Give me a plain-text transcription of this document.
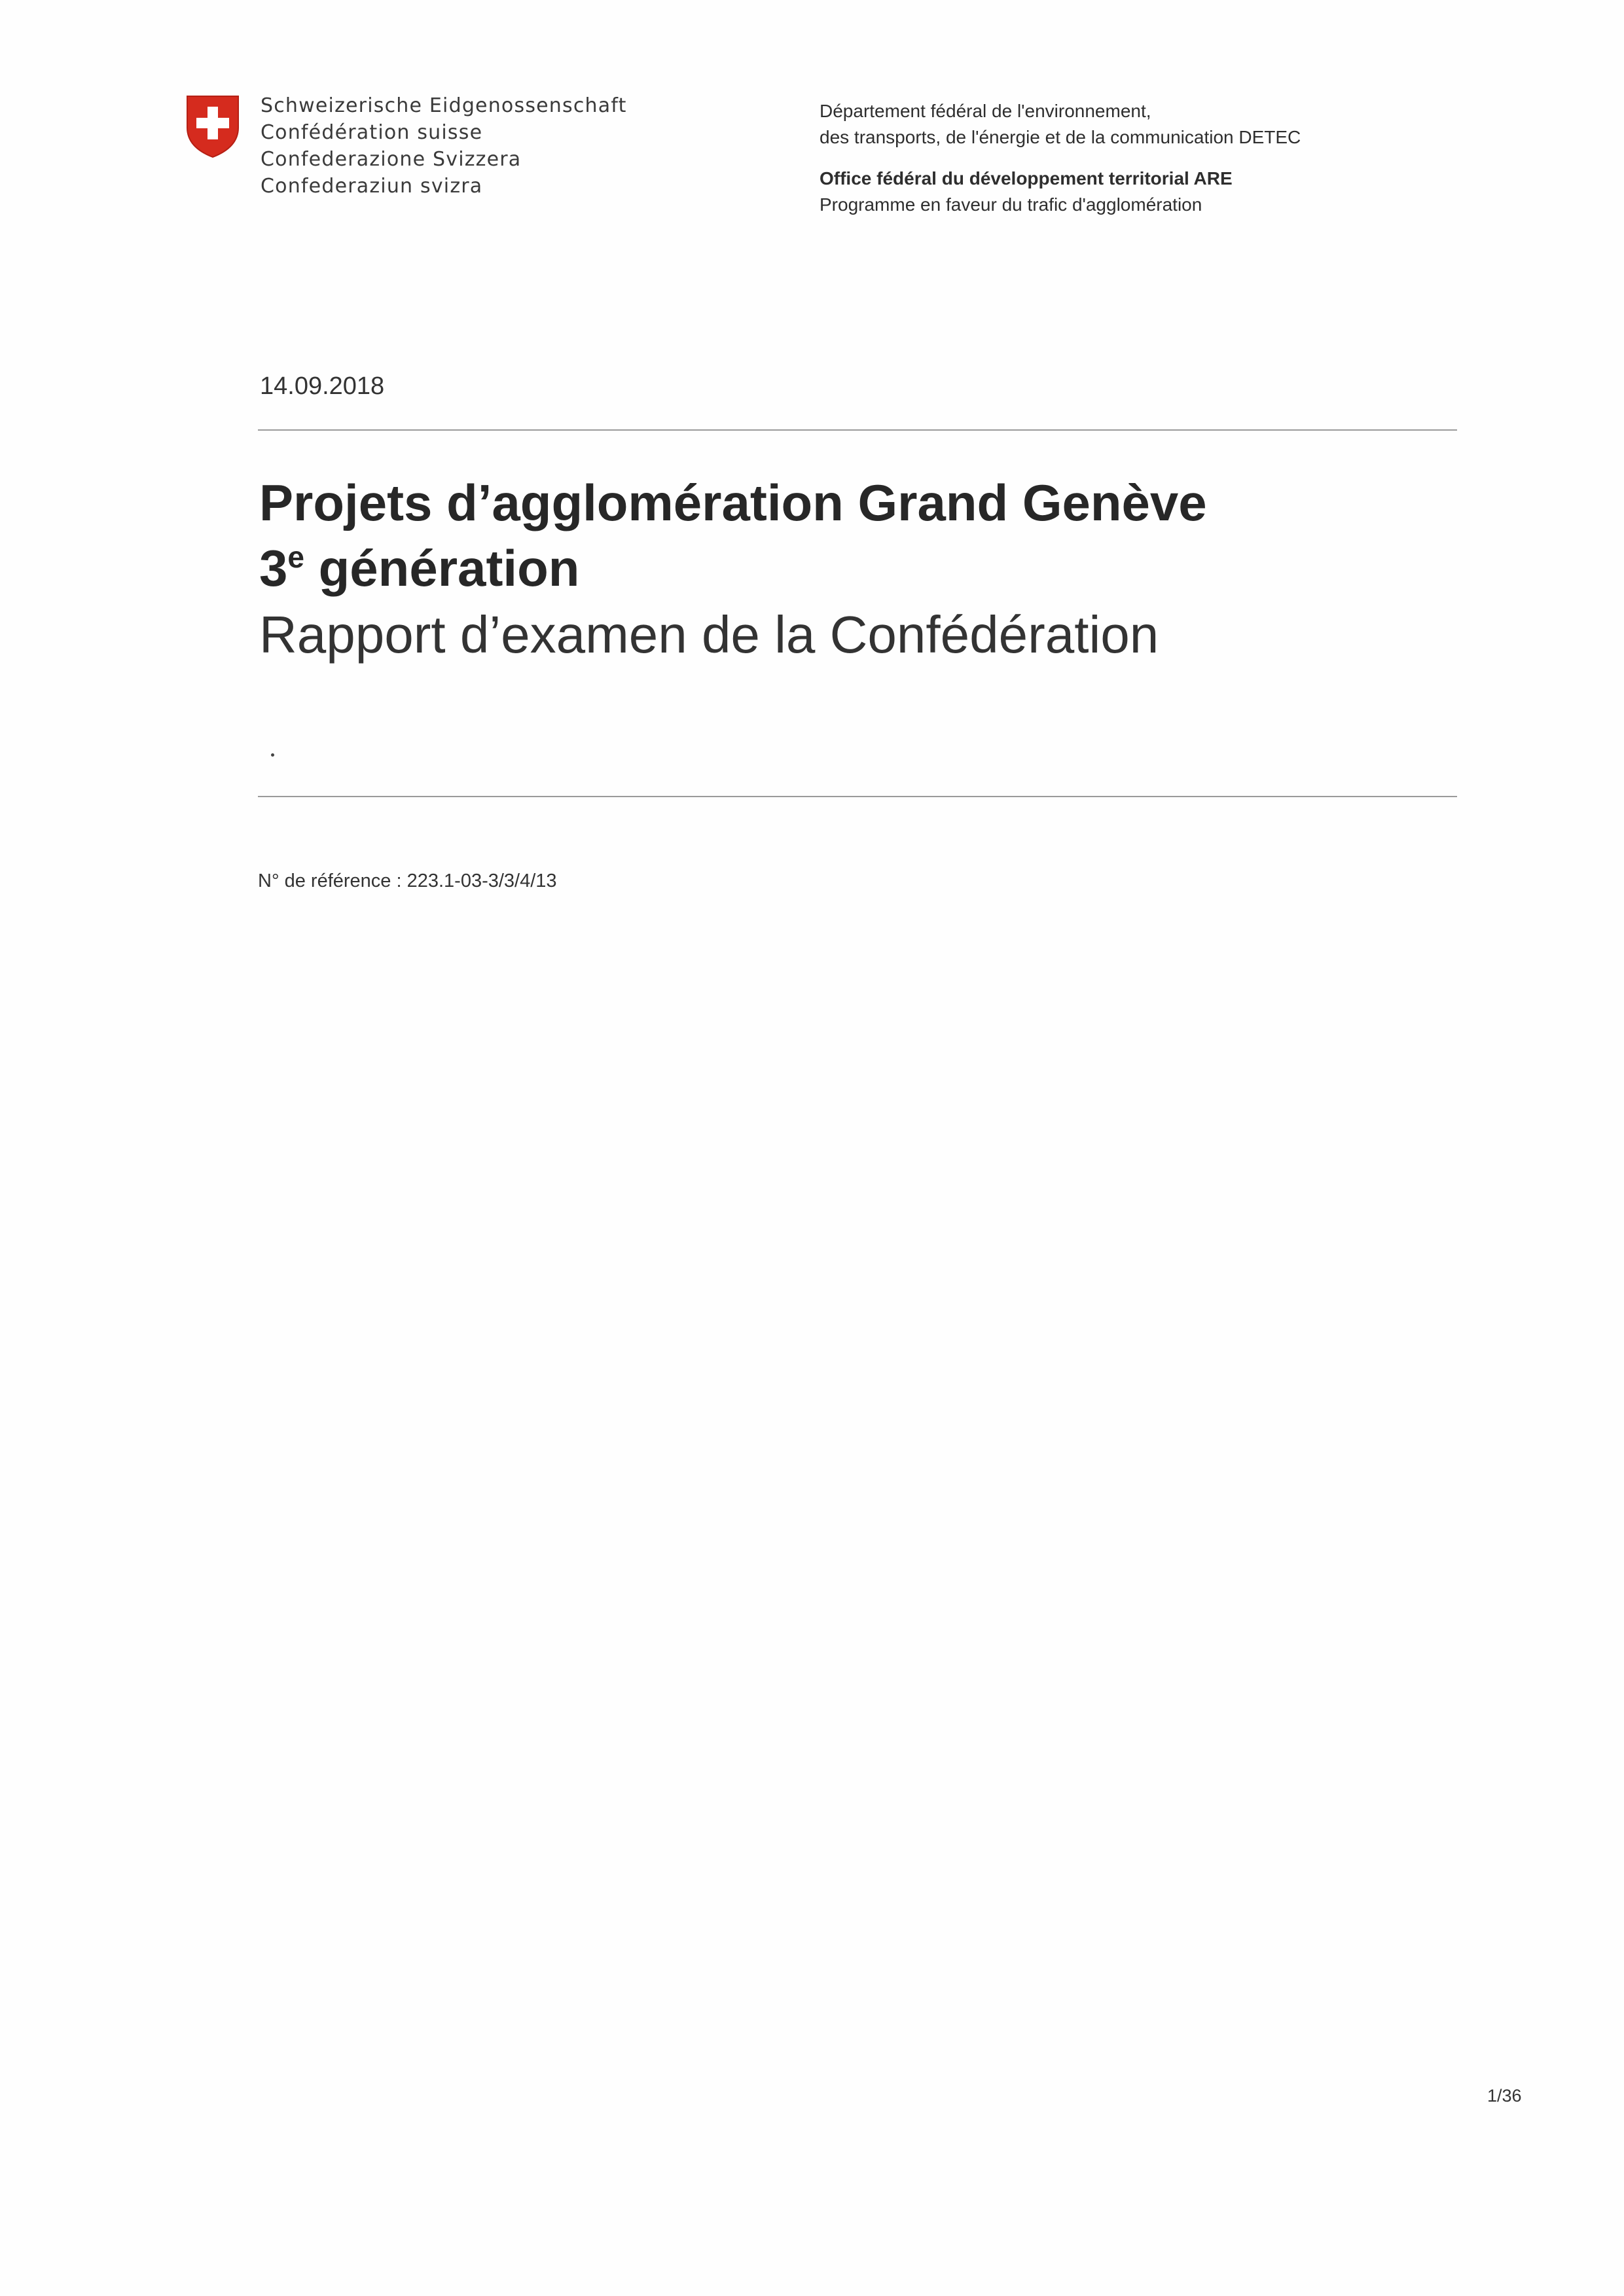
Schweizerische Eidgenossenschaft
Confédération suisse
Confederazione Svizzera
Confederaziun svizra
Département fédéral de l'environnement,
des transports, de l'énergie et de la communication DETEC
Office fédéral du développement territorial ARE
Programme en faveur du trafic d'agglomération
14.09.2018
Projets d’agglomération Grand Genève
3e génération
Rapport d’examen de la Confédération
N° de référence : 223.1-03-3/3/4/13
1/36
